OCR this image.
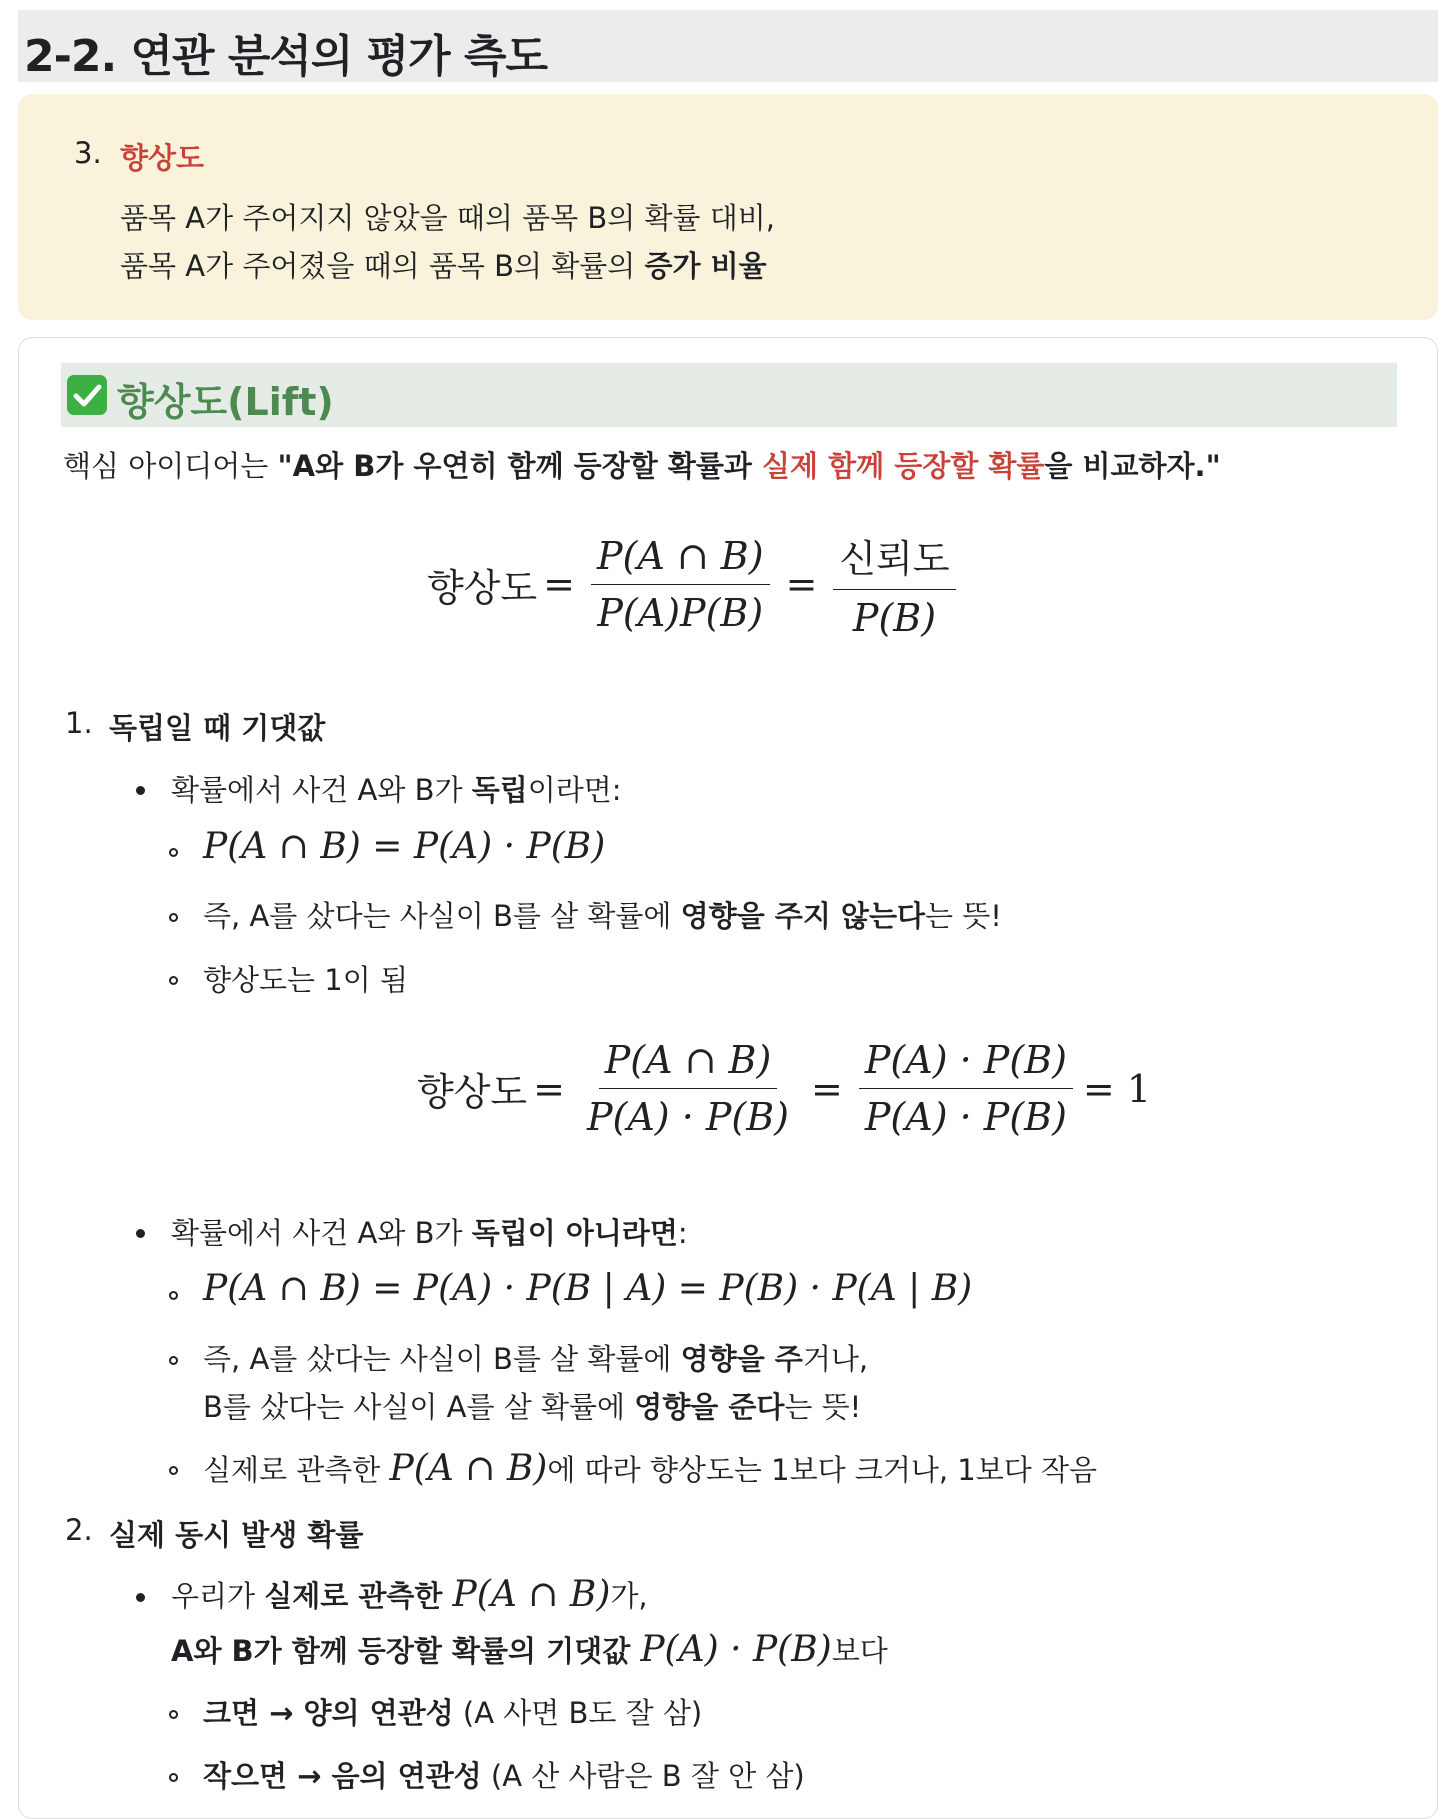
2-2. 연관 분석의 평가 측도
3. 향상도
품목 A가 주어지지 않았을 때의 품목 B의 확률 대비,
품목 A가 주어졌을 때의 품목 B의 확률의 증가 비율
향상도(Lift)
핵심 아이디어는 "A와 B가 우연히 함께 등장할 확률과 실제 함께 등장할 확률을 비교하자."
향상도 = $\frac{P(A \cap B)}{P(A)P(B)} = \frac{\text{신뢰도}}{P(B)}$
1. 독립일 때 기댓값
확률에서 사건 A와 B가 독립이라면:
P(A ∩ B) = P(A) · P(B)
즉, A를 샀다는 사실이 B를 살 확률에 영향을 주지 않는다는 뜻!
향상도는 1이 됨
향상도 = $\frac{P(A \cap B)}{P(A) \cdot P(B)} = \frac{P(A) \cdot P(B)}{P(A) \cdot P(B)} = 1$
확률에서 사건 A와 B가 독립이 아니라면:
P(A ∩ B) = P(A) · P(B | A) = P(B) · P(A | B)
즉, A를 샀다는 사실이 B를 살 확률에 영향을 주거나,
B를 샀다는 사실이 A를 살 확률에 영향을 준다는 뜻!
실제로 관측한 P(A ∩ B)에 따라 향상도는 1보다 크거나, 1보다 작음
2. 실제 동시 발생 확률
우리가 실제로 관측한 P(A ∩ B)가,
A와 B가 함께 등장할 확률의 기댓값 P(A) · P(B)보다
크면 → 양의 연관성 (A 사면 B도 잘 삼)
작으면 → 음의 연관성 (A 산 사람은 B 잘 안 삼)
